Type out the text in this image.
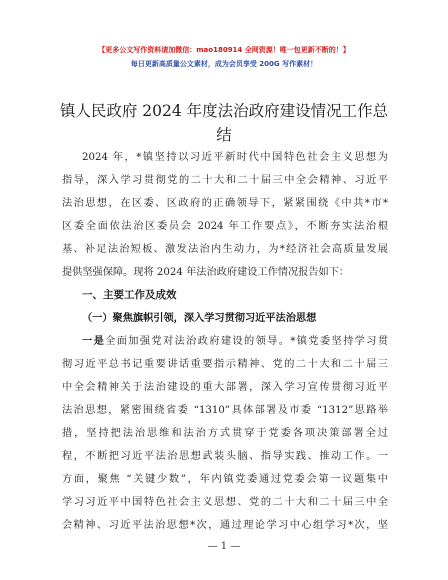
【更多公文写作资料请加微信：mao180914 全网资源！唯一包更新不断的！】
每日更新高质量公文素材，成为会员享受 200G 写作素材！
镇人民政府 2024 年度法治政府建设情况工作总
结
2024 年，*镇坚持以习近平新时代中国特色社会主义思想为
指导，深入学习贯彻党的二十大和二十届三中全会精神、习近平
法治思想，在区委、区政府的正确领导下，紧紧围绕《中共*市*
区委全面依法治区委员会 2024 年工作要点》，不断夯实法治根
基、补足法治短板、激发法治内生动力，为*经济社会高质量发展
提供坚强保障。现将 2024 年法治政府建设工作情况报告如下：
一、主要工作及成效
（一）聚焦旗帜引领，深入学习贯彻习近平法治思想
一是全面加强党对法治政府建设的领导。*镇党委坚持学习贯
彻习近平总书记重要讲话重要指示精神、党的二十大和二十届三
中全会精神关于法治建设的重大部署，深入学习宣传贯彻习近平
法治思想，紧密围绕省委 “1310”具体部署及市委 “1312”思路举
措，坚持把法治思维和法治方式贯穿于党委各项决策部署全过
程，不断把习近平法治思想武装头脑、指导实践、推动工作。一
方面，聚焦 “关键少数”，年内镇党委通过党委会第一议题集中
学习习近平中国特色社会主义思想、党的二十大和二十届三中全
会精神、习近平法治思想*次，通过理论学习中心组学习*次，坚
— 1 —
